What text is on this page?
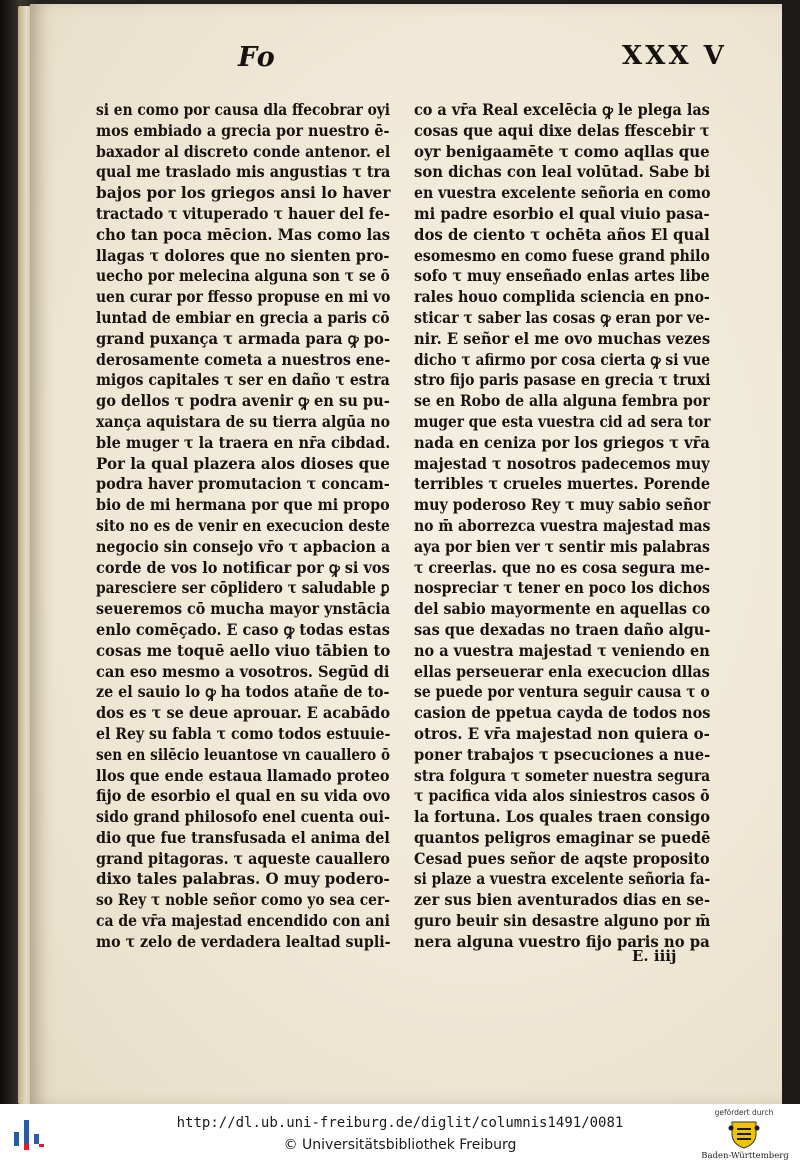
Fo	XXX V
si en como por causa dla ffecobrar oyi
mos embiado a grecia por nuestro ē-
baxador al discreto conde antenor. el
qual me traslado mis angustias τ tra
bajos por los griegos ansi lo haver
tractado τ vituperado τ hauer del fe-
cho tan poca mēcion. Mas como las
llagas τ dolores que no sienten pro-
uecho por melecina alguna son τ se ō
uen curar por ffesso propuse en mi vo
luntad de embiar en grecia a paris cō
grand puxança τ armada para ꝙ po-
derosamente cometa a nuestros ene-
migos capitales τ ser en daño τ estra
go dellos τ podra avenir ꝙ en su pu-
xança aquistara de su tierra algūa no
ble muger τ la traera en nr̄a cibdad.
Por la qual plazera alos dioses que
podra haver promutacion τ concam-
bio de mi hermana por que mi propo
sito no es de venir en execucion deste
negocio sin consejo vr̄o τ apbacion a
corde de vos lo notificar por ꝙ si vos
paresciere ser cōplidero τ saludable ꝑ
seueremos cō mucha mayor ynstācia
enlo comēçado. E caso ꝙ todas estas
cosas me toquē aello viuo tābien to
can eso mesmo a vosotros. Segūd di
ze el sauio lo ꝙ ha todos atañe de to-
dos es τ se deue aprouar. E acabādo
el Rey su fabla τ como todos estuuie-
sen en silēcio leuantose vn cauallero ō
llos que ende estaua llamado proteo
fijo de esorbio el qual en su vida ovo
sido grand philosofo enel cuenta oui-
dio que fue transfusada el anima del
grand pitagoras. τ aqueste cauallero
dixo tales palabras. O muy podero-
so Rey τ noble señor como yo sea cer-
ca de vr̄a majestad encendido con ani
mo τ zelo de verdadera lealtad supli-
co a vr̄a Real excelēcia ꝙ le plega las
cosas que aqui dixe delas ffescebir τ
oyr benigaamēte τ como aqllas que
son dichas con leal volūtad. Sabe bi
en vuestra excelente señoria en como
mi padre esorbio el qual viuio pasa-
dos de ciento τ ochēta años El qual
esomesmo en como fuese grand philo
sofo τ muy enseñado enlas artes libe
rales houo complida sciencia en pno-
sticar τ saber las cosas ꝙ eran por ve-
nir. E señor el me ovo muchas vezes
dicho τ afirmo por cosa cierta ꝙ si vue
stro fijo paris pasase en grecia τ truxi
se en Robo de alla alguna fembra por
muger que esta vuestra cid ad sera tor
nada en ceniza por los griegos τ vr̄a
majestad τ nosotros padecemos muy
terribles τ crueles muertes. Porende
muy poderoso Rey τ muy sabio señor
no m̄ aborrezca vuestra majestad mas
aya por bien ver τ sentir mis palabras
τ creerlas. que no es cosa segura me-
nospreciar τ tener en poco los dichos
del sabio mayormente en aquellas co
sas que dexadas no traen daño algu-
no a vuestra majestad τ veniendo en
ellas perseuerar enla execucion dllas
se puede por ventura seguir causa τ o
casion de ppetua cayda de todos nos
otros. E vr̄a majestad non quiera o-
poner trabajos τ psecuciones a nue-
stra folgura τ someter nuestra segura
τ pacifica vida alos siniestros casos ō
la fortuna. Los quales traen consigo
quantos peligros emaginar se puedē
Cesad pues señor de aqste proposito
si plaze a vuestra excelente señoria fa-
zer sus bien aventurados dias en se-
guro beuir sin desastre alguno por m̄
nera alguna vuestro fijo paris no pa
E. iiij
http://dl.ub.uni-freiburg.de/diglit/columnis1491/0081
© Universitätsbibliothek Freiburg
gefördert durch
Baden-Württemberg
